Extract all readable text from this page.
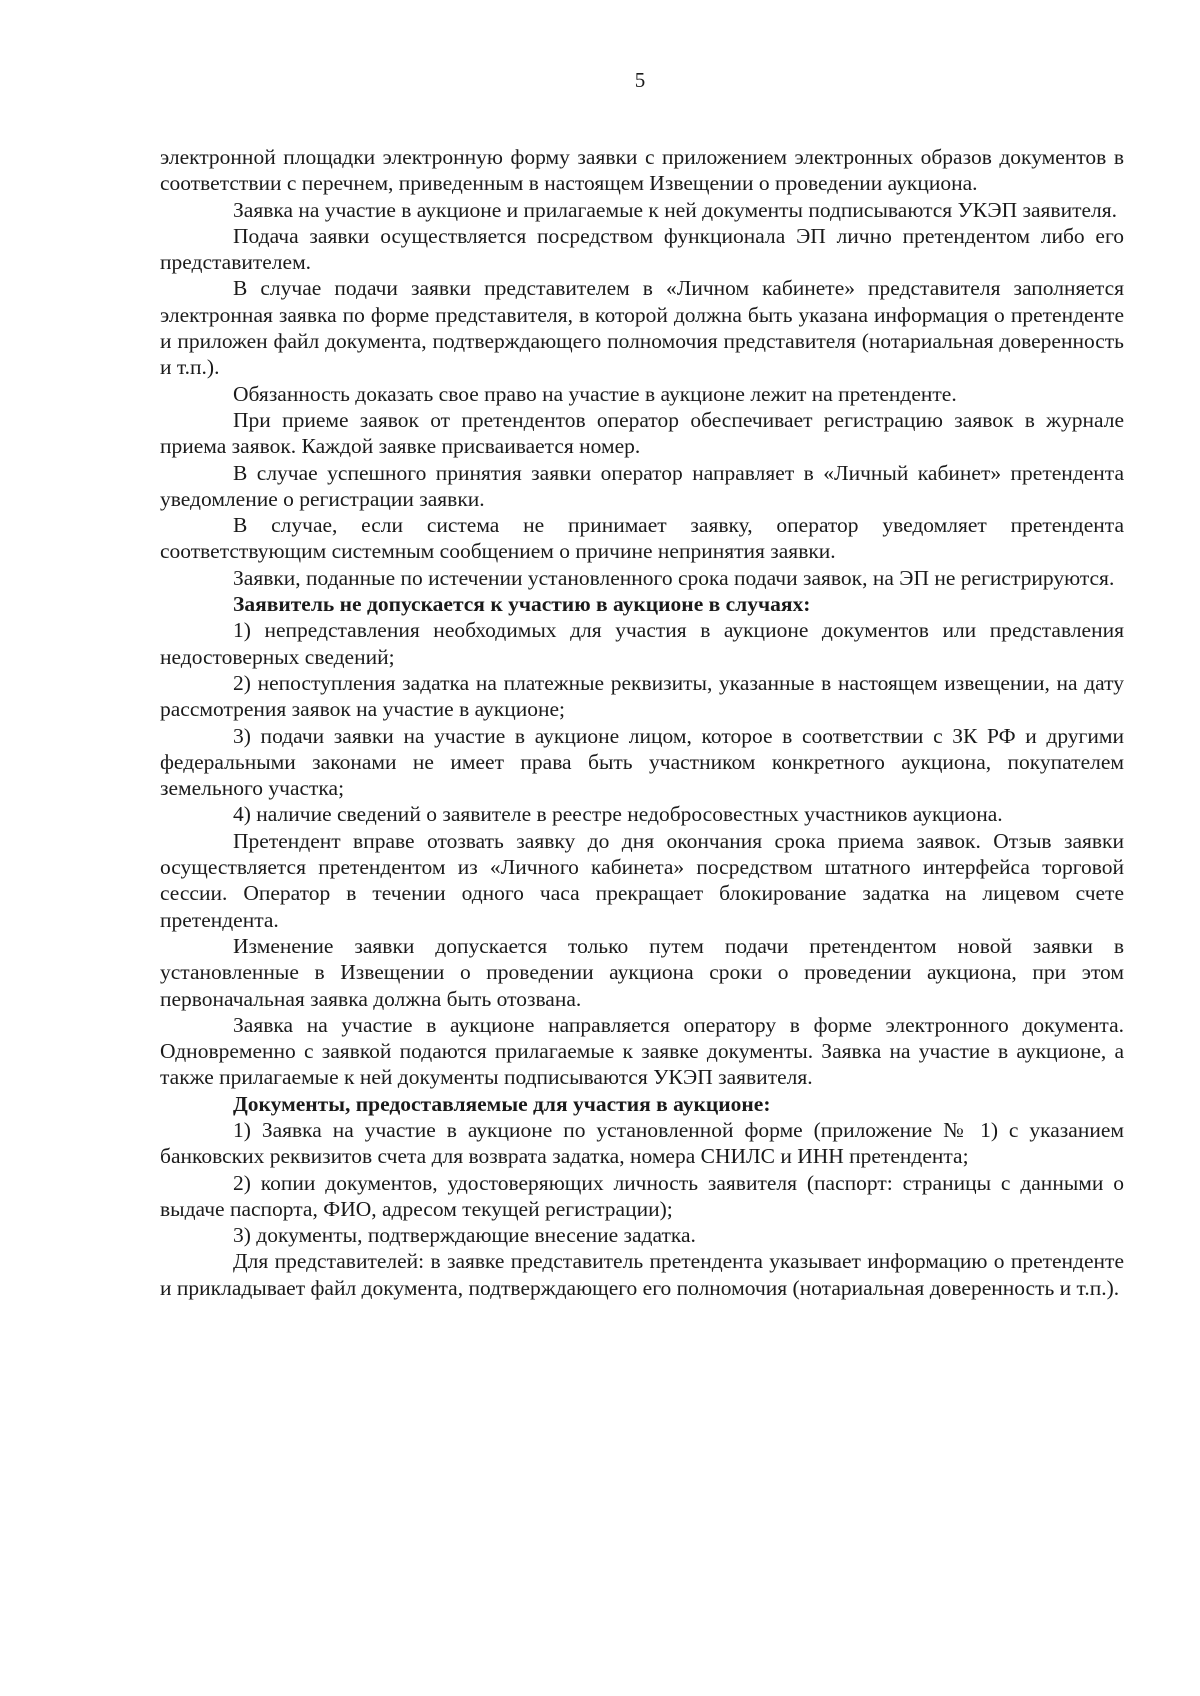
5

электронной площадки электронную форму заявки с приложением электронных образов документов в соответствии с перечнем, приведенным в настоящем Извещении о проведении аукциона.

Заявка на участие в аукционе и прилагаемые к ней документы подписываются УКЭП заявителя.

Подача заявки осуществляется посредством функционала ЭП лично претендентом либо его представителем.

В случае подачи заявки представителем в «Личном кабинете» представителя заполняется электронная заявка по форме представителя, в которой должна быть указана информация о претенденте и приложен файл документа, подтверждающего полномочия представителя (нотариальная доверенность и т.п.).

Обязанность доказать свое право на участие в аукционе лежит на претенденте.

При приеме заявок от претендентов оператор обеспечивает регистрацию заявок в журнале приема заявок. Каждой заявке присваивается номер.

В случае успешного принятия заявки оператор направляет в «Личный кабинет» претендента уведомление о регистрации заявки.

В случае, если система не принимает заявку, оператор уведомляет претендента соответствующим системным сообщением о причине непринятия заявки.

Заявки, поданные по истечении установленного срока подачи заявок, на ЭП не регистрируются.

Заявитель не допускается к участию в аукционе в случаях:

1) непредставления необходимых для участия в аукционе документов или представления недостоверных сведений;

2) непоступления задатка на платежные реквизиты, указанные в настоящем извещении, на дату рассмотрения заявок на участие в аукционе;

3) подачи заявки на участие в аукционе лицом, которое в соответствии с ЗК РФ и другими федеральными законами не имеет права быть участником конкретного аукциона, покупателем земельного участка;

4) наличие сведений о заявителе в реестре недобросовестных участников аукциона.

Претендент вправе отозвать заявку до дня окончания срока приема заявок. Отзыв заявки осуществляется претендентом из «Личного кабинета» посредством штатного интерфейса торговой сессии. Оператор в течении одного часа прекращает блокирование задатка на лицевом счете претендента.

Изменение заявки допускается только путем подачи претендентом новой заявки в установленные в Извещении о проведении аукциона сроки о проведении аукциона, при этом первоначальная заявка должна быть отозвана.

Заявка на участие в аукционе направляется оператору в форме электронного документа. Одновременно с заявкой подаются прилагаемые к заявке документы. Заявка на участие в аукционе, а также прилагаемые к ней документы подписываются УКЭП заявителя.

Документы, предоставляемые для участия в аукционе:

1) Заявка на участие в аукционе по установленной форме (приложение № 1) с указанием банковских реквизитов счета для возврата задатка, номера СНИЛС и ИНН претендента;

2) копии документов, удостоверяющих личность заявителя (паспорт: страницы с данными о выдаче паспорта, ФИО, адресом текущей регистрации);

3) документы, подтверждающие внесение задатка.

Для представителей: в заявке представитель претендента указывает информацию о претенденте и прикладывает файл документа, подтверждающего его полномочия (нотариальная доверенность и т.п.).
